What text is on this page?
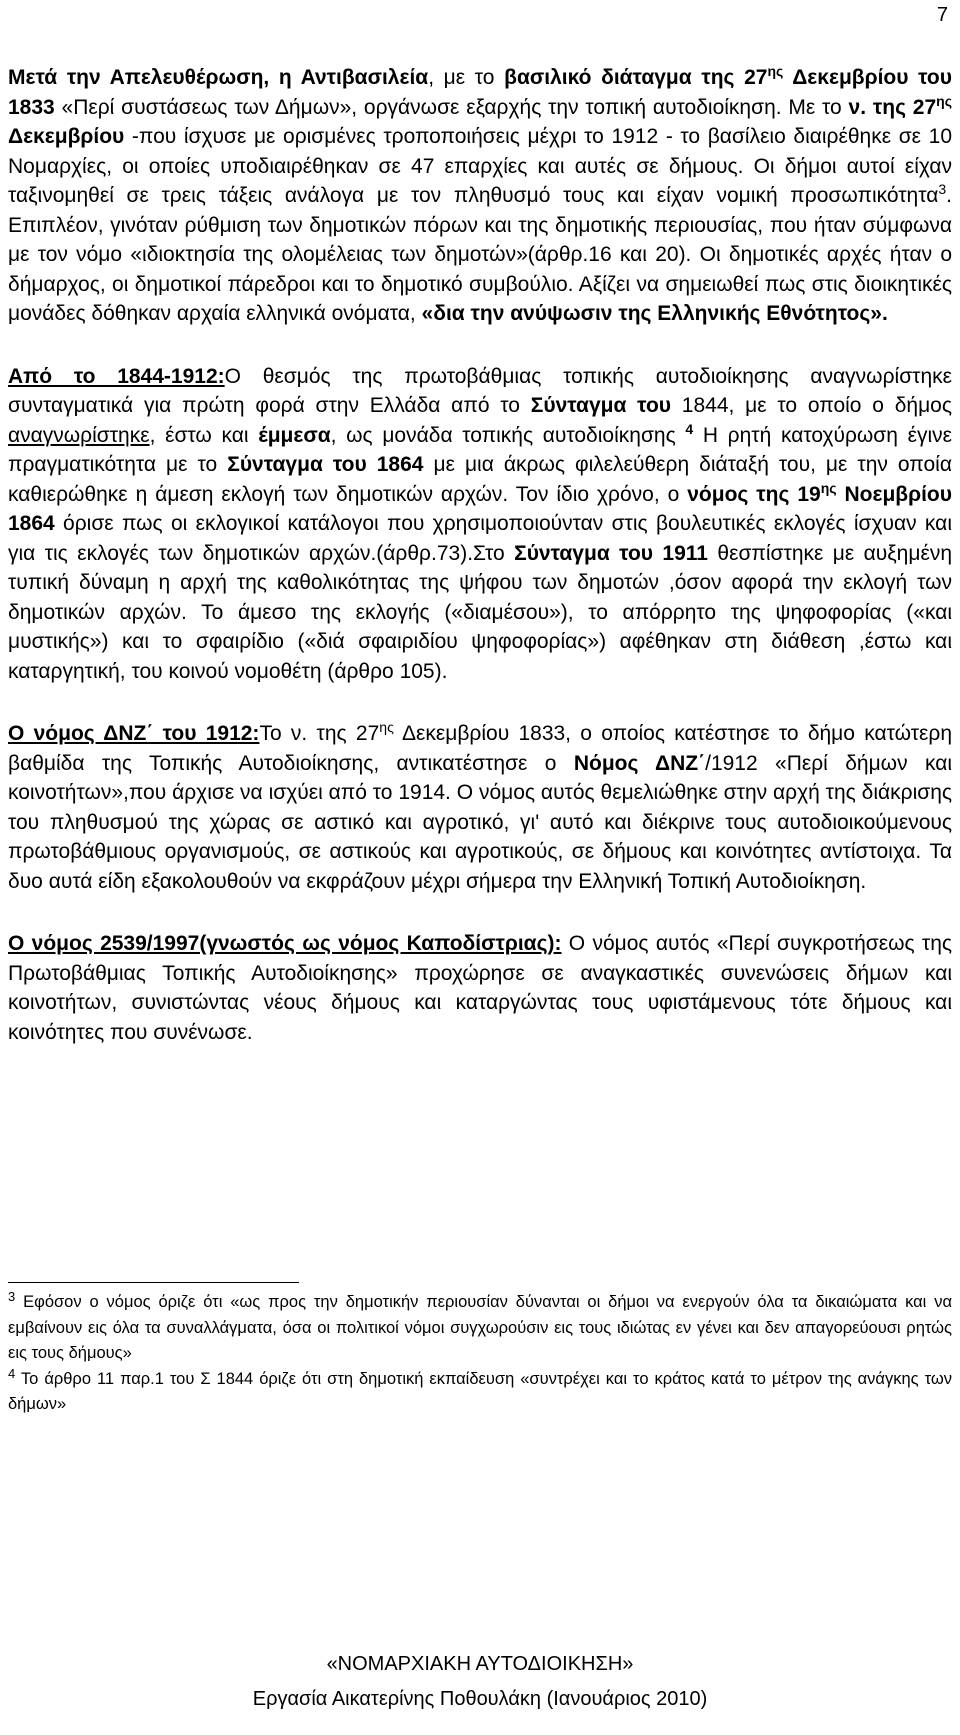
7

Μετά την Απελευθέρωση, η Αντιβασιλεία, με το βασιλικό διάταγμα της $27^{\eta\varsigma}$ Δεκεμβρίου του 1833 «Περί συστάσεως των Δήμων», οργάνωσε εξαρχής την τοπική αυτοδιοίκηση. Με το ν. της $27^{\eta\varsigma}$ Δεκεμβρίου -που ίσχυσε με ορισμένες τροποποιήσεις μέχρι το 1912 - το βασίλειο διαιρέθηκε σε 10 Νομαρχίες, οι οποίες υποδιαιρέθηκαν σε 47 επαρχίες και αυτές σε δήμους. Οι δήμοι αυτοί είχαν ταξινομηθεί σε τρεις τάξεις ανάλογα με τον πληθυσμό τους και είχαν νομική προσωπικότητα$^3$. Επιπλέον, γινόταν ρύθμιση των δημοτικών πόρων και της δημοτικής περιουσίας, που ήταν σύμφωνα με τον νόμο «ιδιοκτησία της ολομέλειας των δημοτών»(άρθρ.16 και 20). Οι δημοτικές αρχές ήταν ο δήμαρχος, οι δημοτικοί πάρεδροι και το δημοτικό συμβούλιο. Αξίζει να σημειωθεί πως στις διοικητικές μονάδες δόθηκαν αρχαία ελληνικά ονόματα, «δια την ανύψωσιν της Ελληνικής Εθνότητος».

Από το 1844-1912:Ο θεσμός της πρωτοβάθμιας τοπικής αυτοδιοίκησης αναγνωρίστηκε συνταγματικά για πρώτη φορά στην Ελλάδα από το Σύνταγμα του 1844, με το οποίο ο δήμος αναγνωρίστηκε, έστω και έμμεσα, ως μονάδα τοπικής αυτοδιοίκησης $^4$ Η ρητή κατοχύρωση έγινε πραγματικότητα με το Σύνταγμα του 1864 με μια άκρως φιλελεύθερη διάταξή του, με την οποία καθιερώθηκε η άμεση εκλογή των δημοτικών αρχών. Τον ίδιο χρόνο, ο νόμος της $19^{\eta\varsigma}$ Νοεμβρίου 1864 όρισε πως οι εκλογικοί κατάλογοι που χρησιμοποιούνταν στις βουλευτικές εκλογές ίσχυαν και για τις εκλογές των δημοτικών αρχών.(άρθρ.73).Στο Σύνταγμα του 1911 θεσπίστηκε με αυξημένη τυπική δύναμη η αρχή της καθολικότητας της ψήφου των δημοτών ,όσον αφορά την εκλογή των δημοτικών αρχών. Το άμεσο της εκλογής («διαμέσου»), το απόρρητο της ψηφοφορίας («και μυστικής») και το σφαιρίδιο («διά σφαιριδίου ψηφοφορίας») αφέθηκαν στη διάθεση ,έστω και καταργητική, του κοινού νομοθέτη (άρθρο 105).

Ο νόμος ΔΝΖ΄ του 1912:Το ν. της $27^{\eta\varsigma}$ Δεκεμβρίου 1833, ο οποίος κατέστησε το δήμο κατώτερη βαθμίδα της Τοπικής Αυτοδιοίκησης, αντικατέστησε ο Νόμος ΔΝΖ΄/1912 «Περί δήμων και κοινοτήτων»,που άρχισε να ισχύει από το 1914. Ο νόμος αυτός θεμελιώθηκε στην αρχή της διάκρισης του πληθυσμού της χώρας σε αστικό και αγροτικό, γι' αυτό και διέκρινε τους αυτοδιοικούμενους πρωτοβάθμιους οργανισμούς, σε αστικούς και αγροτικούς, σε δήμους και κοινότητες αντίστοιχα. Τα δυο αυτά είδη εξακολουθούν να εκφράζουν μέχρι σήμερα την Ελληνική Τοπική Αυτοδιοίκηση.

Ο νόμος 2539/1997(γνωστός ως νόμος Καποδίστριας): Ο νόμος αυτός «Περί συγκροτήσεως της Πρωτοβάθμιας Τοπικής Αυτοδιοίκησης» προχώρησε σε αναγκαστικές συνενώσεις δήμων και κοινοτήτων, συνιστώντας νέους δήμους και καταργώντας τους υφιστάμενους τότε δήμους και κοινότητες που συνένωσε.

$^3$ Εφόσον ο νόμος όριζε ότι «ως προς την δημοτικήν περιουσίαν δύνανται οι δήμοι να ενεργούν όλα τα δικαιώματα και να εμβαίνουν εις όλα τα συναλλάγματα, όσα οι πολιτικοί νόμοι συγχωρούσιν εις τους ιδιώτας εν γένει και δεν απαγορεύουσι ρητώς εις τους δήμους»

$^4$ Το άρθρο 11 παρ.1 του Σ 1844 όριζε ότι στη δημοτική εκπαίδευση «συντρέχει και το κράτος κατά το μέτρον της ανάγκης των δήμων»

«ΝΟΜΑΡΧΙΑΚΗ ΑΥΤΟΔΙΟΙΚΗΣΗ»
Εργασία Αικατερίνης Ποθουλάκη (Ιανουάριος 2010)
